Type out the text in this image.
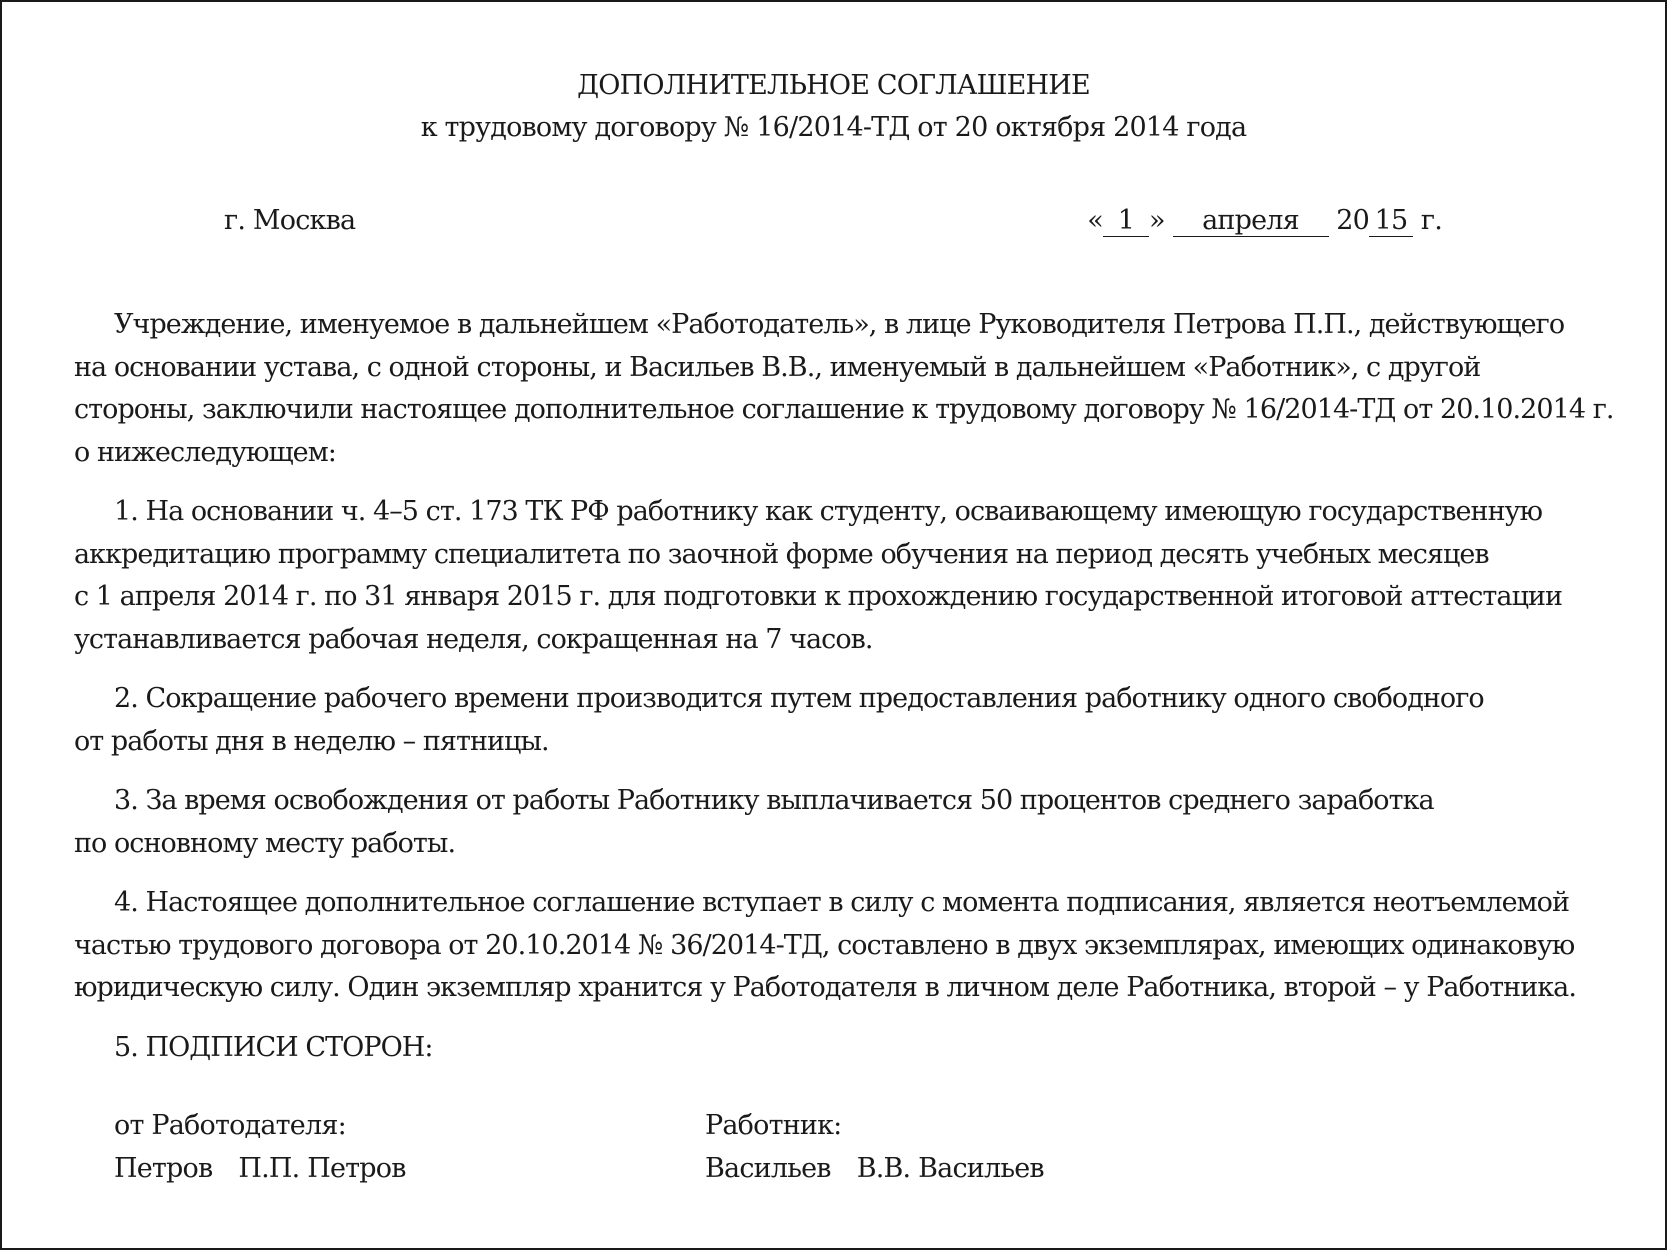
ДОПОЛНИТЕЛЬНОЕ СОГЛАШЕНИЕ
к трудовому договору № 16/2014-ТД от 20 октября 2014 года
г. Москва	« 1 » апреля 20 15 г.

Учреждение, именуемое в дальнейшем «Работодатель», в лице Руководителя Петрова П.П., действующего
на основании устава, с одной стороны, и Васильев В.В., именуемый в дальнейшем «Работник», с другой
стороны, заключили настоящее дополнительное соглашение к трудовому договору № 16/2014-ТД от 20.10.2014 г.
о нижеследующем:

1. На основании ч. 4–5 ст. 173 ТК РФ работнику как студенту, осваивающему имеющую государственную
аккредитацию программу специалитета по заочной форме обучения на период десять учебных месяцев
с 1 апреля 2014 г. по 31 января 2015 г. для подготовки к прохождению государственной итоговой аттестации
устанавливается рабочая неделя, сокращенная на 7 часов.

2. Сокращение рабочего времени производится путем предоставления работнику одного свободного
от работы дня в неделю – пятницы.

3. За время освобождения от работы Работнику выплачивается 50 процентов среднего заработка
по основному месту работы.

4. Настоящее дополнительное соглашение вступает в силу с момента подписания, является неотъемлемой
частью трудового договора от 20.10.2014 № 36/2014-ТД, составлено в двух экземплярах, имеющих одинаковую
юридическую силу. Один экземпляр хранится у Работодателя в личном деле Работника, второй – у Работника.

5. ПОДПИСИ СТОРОН:

от Работодателя:
Петров П.П. Петров
Работник:
Васильев В.В. Васильев
